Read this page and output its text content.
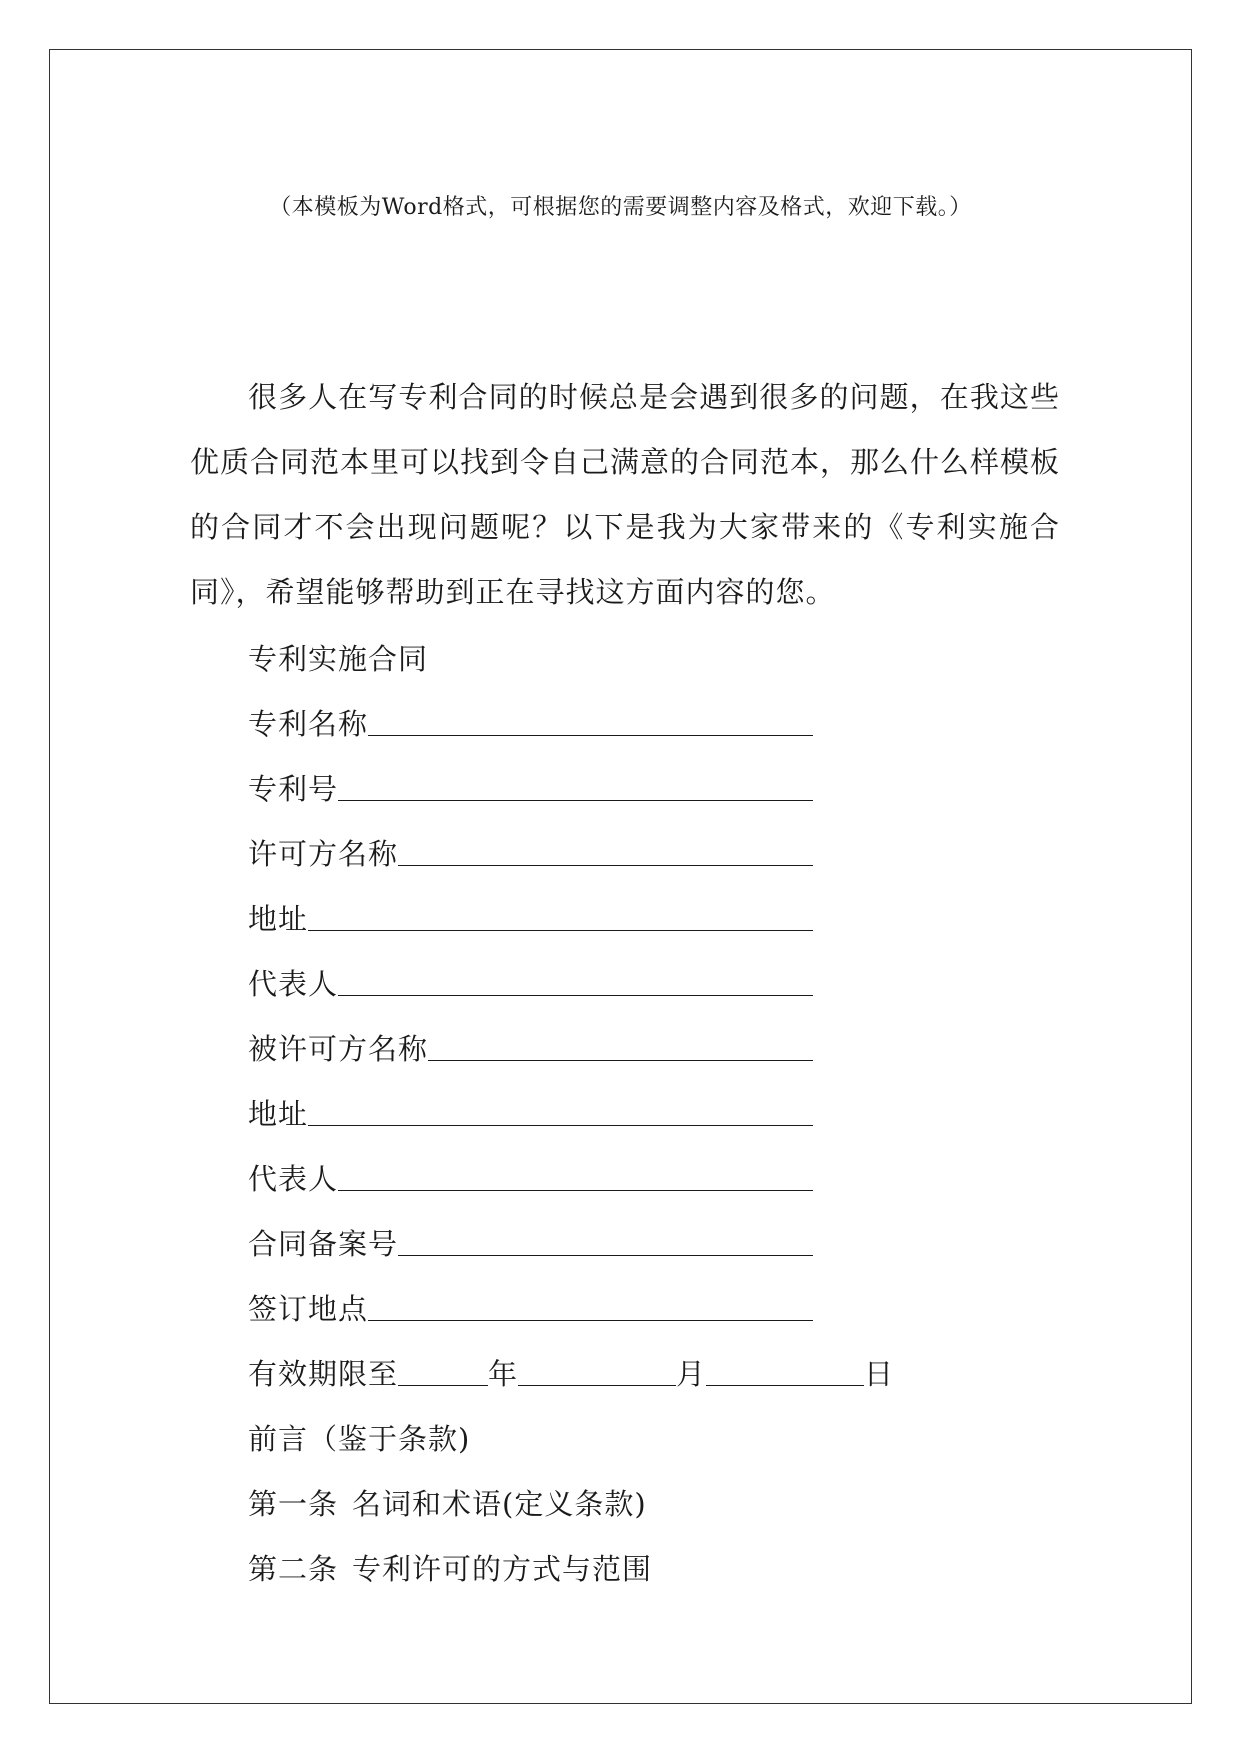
（本模板为Word格式，可根据您的需要调整内容及格式，欢迎下载。）

很多人在写专利合同的时候总是会遇到很多的问题，在我这些优质合同范本里可以找到令自己满意的合同范本，那么什么样模板的合同才不会出现问题呢？以下是我为大家带来的《专利实施合同》，希望能够帮助到正在寻找这方面内容的您。

专利实施合同
专利名称
专利号
许可方名称
地址
代表人
被许可方名称
地址
代表人
合同备案号
签订地点
有效期限至	年	月	日
前言（鉴于条款)
第一条 名词和术语(定义条款)
第二条 专利许可的方式与范围
